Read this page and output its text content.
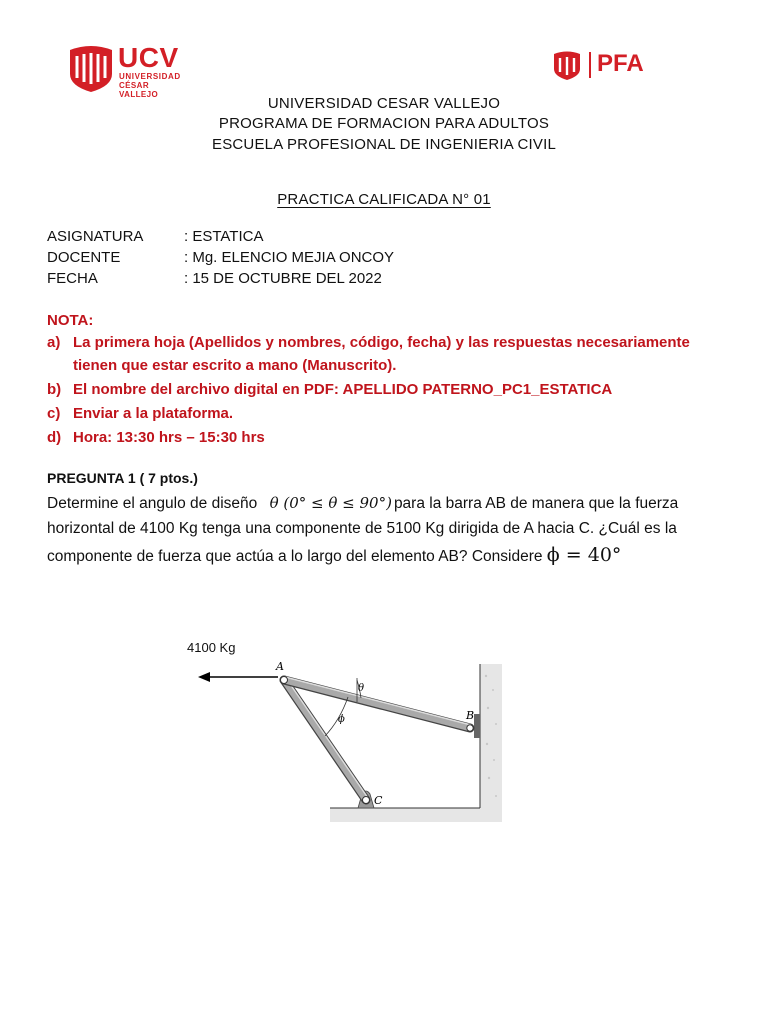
UCV
UNIVERSIDAD
CÉSAR VALLEJO
PFA
UNIVERSIDAD CESAR VALLEJO
PROGRAMA DE FORMACION PARA ADULTOS
ESCUELA PROFESIONAL DE INGENIERIA CIVIL
PRACTICA CALIFICADA N° 01
ASIGNATURA	: ESTATICA
DOCENTE	: Mg. ELENCIO MEJIA ONCOY
FECHA	: 15 DE OCTUBRE DEL 2022
NOTA:
a) La primera hoja (Apellidos y nombres, código, fecha) y las respuestas necesariamente
tienen que estar escrito a mano (Manuscrito).
b) El nombre del archivo digital en PDF: APELLIDO PATERNO_PC1_ESTATICA
c) Enviar a la plataforma.
d) Hora: 13:30 hrs – 15:30 hrs
PREGUNTA 1 ( 7 ptos.)
Determine el angulo de diseño θ (0° ≤ θ ≤ 90°) para la barra AB de manera que la fuerza
horizontal de 4100 Kg tenga una componente de 5100 Kg dirigida de A hacia C. ¿Cuál es la
componente de fuerza que actúa a lo largo del elemento AB? Considere ϕ = 40°
4100 Kg
A
B
C
θ
ϕ
